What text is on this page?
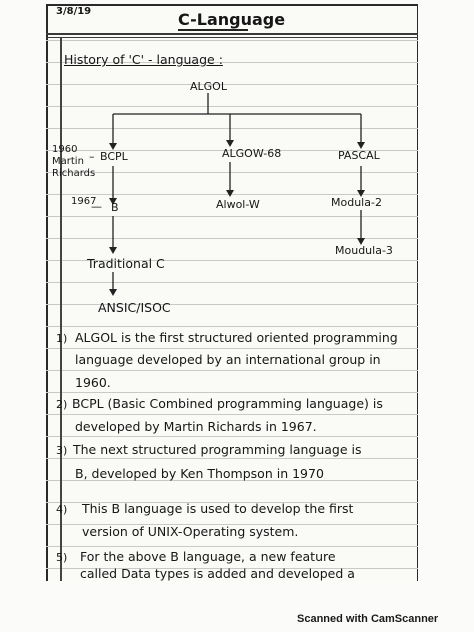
3/8/19	C-Language
History of 'C' - language :
ALGOL
1960
Martin
Richards
– BCPL	ALGOW-68	PASCAL
1967
— B	Alwol-W	Modula-2
Moudula-3
Traditional C
ANSIC/ISOC
1) ALGOL is the first structured oriented programming
language developed by an international group in
1960.
2) BCPL (Basic Combined programming language) is
developed by Martin Richards in 1967.
3) The next structured programming language is
B, developed by Ken Thompson in 1970
4) This B language is used to develop the first
version of UNIX-Operating system.
5) For the above B language, a new feature
called Data types is added and developed a
Scanned with CamScanner
